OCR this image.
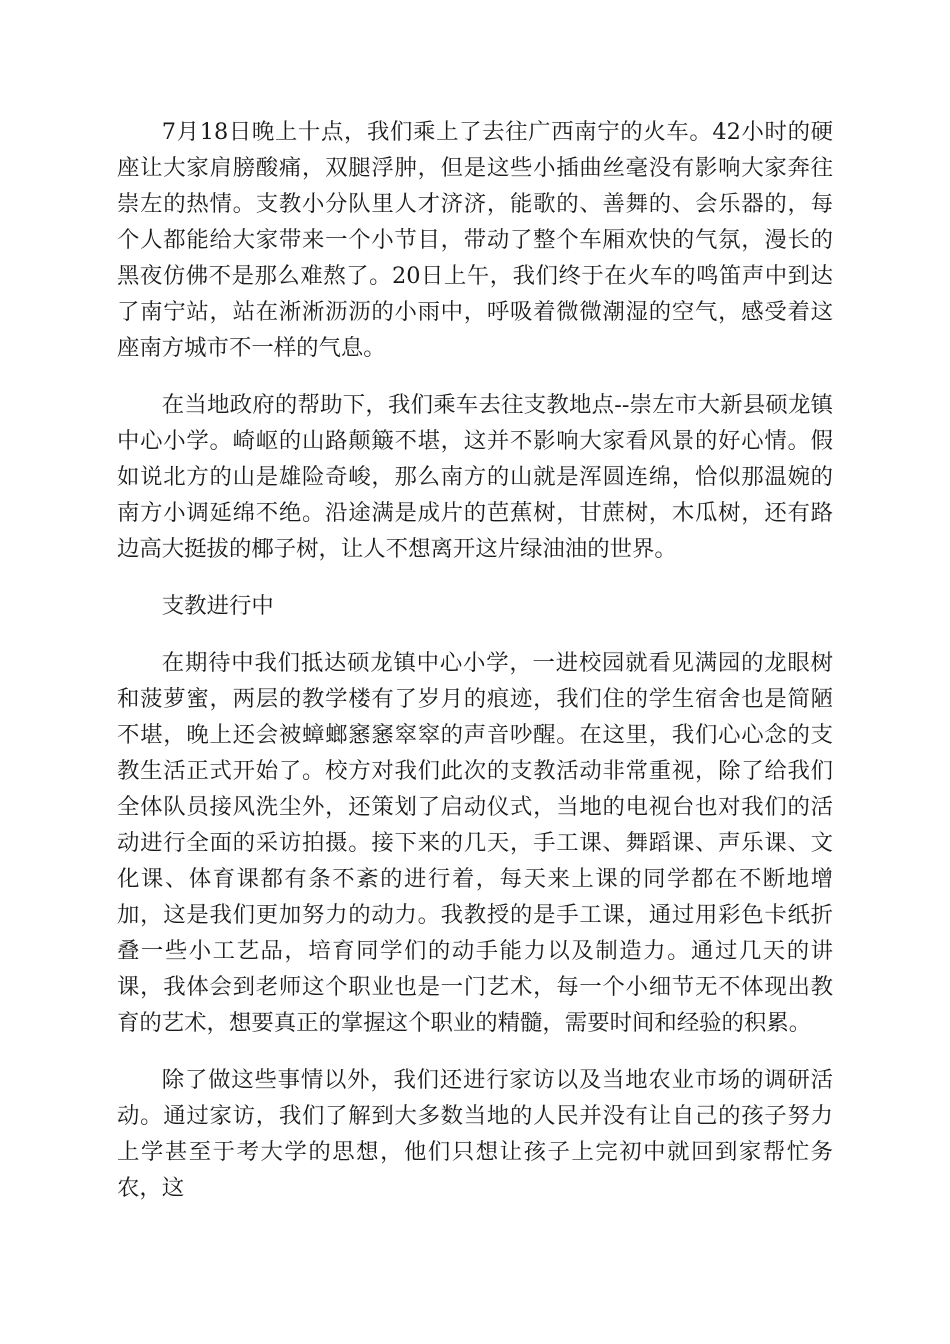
7月18日晚上十点，我们乘上了去往广西南宁的火车。42小时的硬座让大家肩膀酸痛，双腿浮肿，但是这些小插曲丝毫没有影响大家奔往崇左的热情。支教小分队里人才济济，能歌的、善舞的、会乐器的，每个人都能给大家带来一个小节目，带动了整个车厢欢快的气氛，漫长的黑夜仿佛不是那么难熬了。20日上午，我们终于在火车的鸣笛声中到达了南宁站，站在淅淅沥沥的小雨中，呼吸着微微潮湿的空气，感受着这座南方城市不一样的气息。

在当地政府的帮助下，我们乘车去往支教地点--崇左市大新县硕龙镇中心小学。崎岖的山路颠簸不堪，这并不影响大家看风景的好心情。假如说北方的山是雄险奇峻，那么南方的山就是浑圆连绵，恰似那温婉的南方小调延绵不绝。沿途满是成片的芭蕉树，甘蔗树，木瓜树，还有路边高大挺拔的椰子树，让人不想离开这片绿油油的世界。

支教进行中

在期待中我们抵达硕龙镇中心小学，一进校园就看见满园的龙眼树和菠萝蜜，两层的教学楼有了岁月的痕迹，我们住的学生宿舍也是简陋不堪，晚上还会被蟑螂窸窸窣窣的声音吵醒。在这里，我们心心念的支教生活正式开始了。校方对我们此次的支教活动非常重视，除了给我们全体队员接风洗尘外，还策划了启动仪式，当地的电视台也对我们的活动进行全面的采访拍摄。接下来的几天，手工课、舞蹈课、声乐课、文化课、体育课都有条不紊的进行着，每天来上课的同学都在不断地增加，这是我们更加努力的动力。我教授的是手工课，通过用彩色卡纸折叠一些小工艺品，培育同学们的动手能力以及制造力。通过几天的讲课，我体会到老师这个职业也是一门艺术，每一个小细节无不体现出教育的艺术，想要真正的掌握这个职业的精髓，需要时间和经验的积累。

除了做这些事情以外，我们还进行家访以及当地农业市场的调研活动。通过家访，我们了解到大多数当地的人民并没有让自己的孩子努力上学甚至于考大学的思想，他们只想让孩子上完初中就回到家帮忙务农，这
